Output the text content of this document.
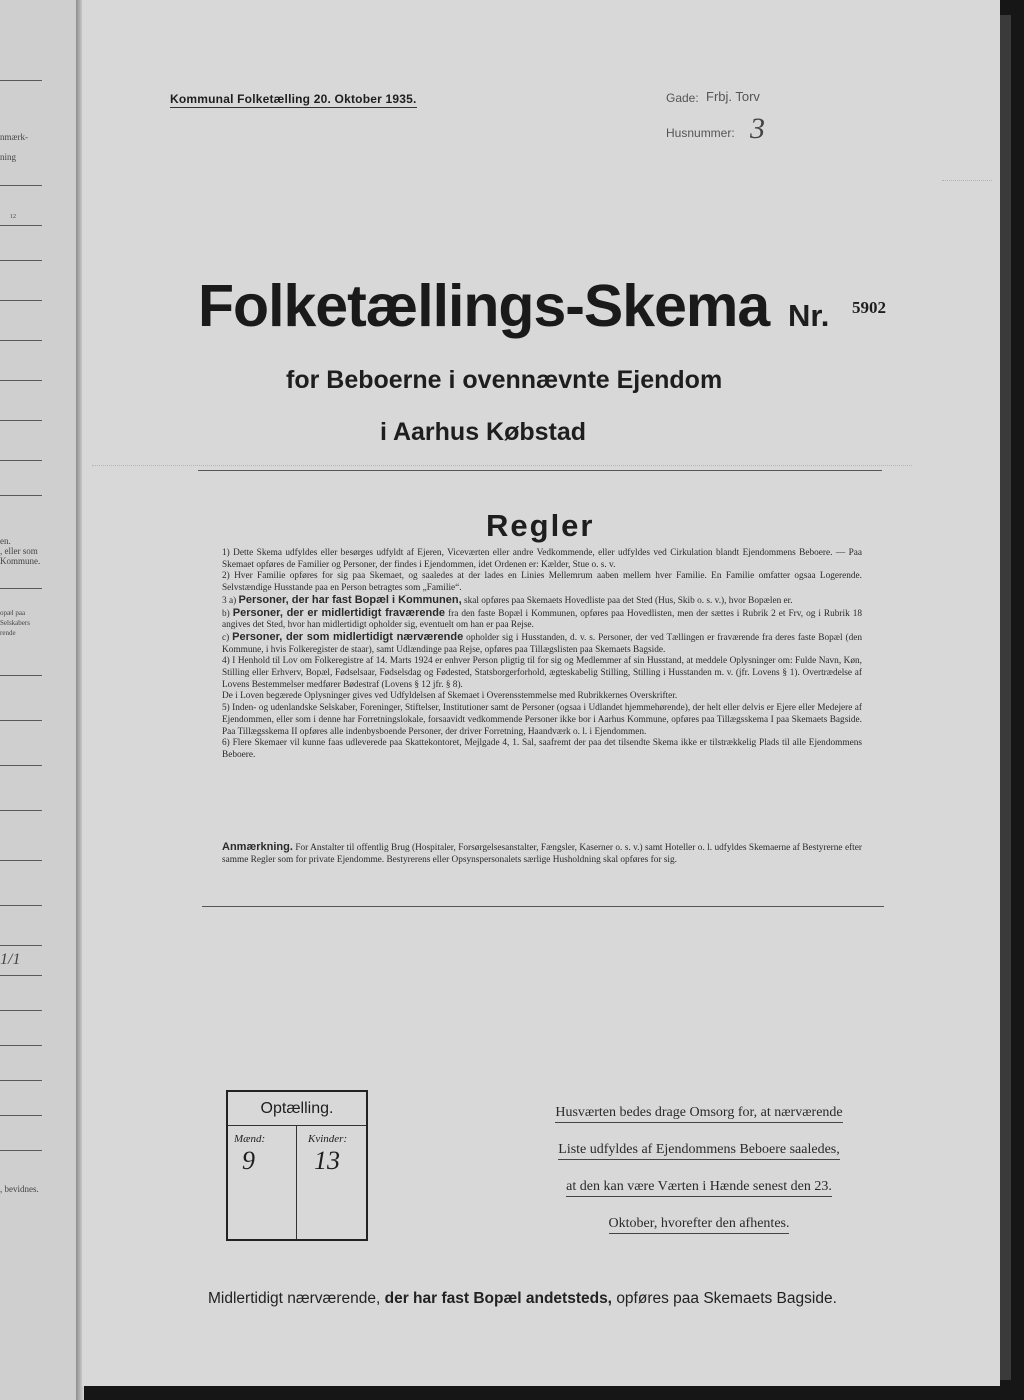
nmærk-
ning
12
en.
, eller som
Kommune.
opæl paa
Selskabers
rende
1/1
, bevidnes.
Kommunal Folketælling 20. Oktober 1935.	Gade: Frbj. Torv
Husnummer: 3
Folketællings-Skema Nr. 5902
for Beboerne i ovennævnte Ejendom
i Aarhus Købstad
Regler

1) Dette Skema udfyldes eller besørges udfyldt af Ejeren, Viceværten eller andre Vedkommende, eller udfyldes ved Cirkulation blandt Ejendommens Beboere. — Paa Skemaet opføres de Familier og Personer, der findes i Ejendommen, idet Ordenen er: Kælder, Stue o. s. v.

2) Hver Familie opføres for sig paa Skemaet, og saaledes at der lades en Linies Mellemrum aaben mellem hver Familie. En Familie omfatter ogsaa Logerende. Selvstændige Husstande paa en Person betragtes som „Familie“.

3 a) Personer, der har fast Bopæl i Kommunen, skal opføres paa Skemaets Hovedliste paa det Sted (Hus, Skib o. s. v.), hvor Bopælen er.

b) Personer, der er midlertidigt fraværende fra den faste Bopæl i Kommunen, opføres paa Hovedlisten, men der sættes i Rubrik 2 et Frv, og i Rubrik 18 angives det Sted, hvor han midlertidigt opholder sig, eventuelt om han er paa Rejse.

c) Personer, der som midlertidigt nærværende opholder sig i Husstanden, d. v. s. Personer, der ved Tællingen er fraværende fra deres faste Bopæl (den Kommune, i hvis Folkeregister de staar), samt Udlændinge paa Rejse, opføres paa Tillægslisten paa Skemaets Bagside.

4) I Henhold til Lov om Folkeregistre af 14. Marts 1924 er enhver Person pligtig til for sig og Medlemmer af sin Husstand, at meddele Oplysninger om: Fulde Navn, Køn, Stilling eller Erhverv, Bopæl, Fødselsaar, Fødselsdag og Fødested, Statsborgerforhold, ægteskabelig Stilling, Stilling i Husstanden m. v. (jfr. Lovens § 1). Overtrædelse af Lovens Bestemmelser medfører Bødestraf (Lovens § 12 jfr. § 8).

De i Loven begærede Oplysninger gives ved Udfyldelsen af Skemaet i Overensstemmelse med Rubrikkernes Overskrifter.

5) Inden- og udenlandske Selskaber, Foreninger, Stiftelser, Institutioner samt de Personer (ogsaa i Udlandet hjemmehørende), der helt eller delvis er Ejere eller Medejere af Ejendommen, eller som i denne har Forretningslokale, forsaavidt vedkommende Personer ikke bor i Aarhus Kommune, opføres paa Tillægsskema I paa Skemaets Bagside. Paa Tillægsskema II opføres alle indenbysboende Personer, der driver Forretning, Haandværk o. l. i Ejendommen.

6) Flere Skemaer vil kunne faas udleverede paa Skattekontoret, Mejlgade 4, 1. Sal, saafremt der paa det tilsendte Skema ikke er tilstrækkelig Plads til alle Ejendommens Beboere.

Anmærkning. For Anstalter til offentlig Brug (Hospitaler, Forsørgelsesanstalter, Fængsler, Kaserner o. s. v.) samt Hoteller o. l. udfyldes Skemaerne af Bestyrerne efter samme Regler som for private Ejendomme. Bestyrerens eller Opsynspersonalets særlige Husholdning skal opføres for sig.
Optælling.
Mænd:	Kvinder:
9 13
Husværten bedes drage Omsorg for, at nærværende
Liste udfyldes af Ejendommens Beboere saaledes,
at den kan være Værten i Hænde senest den 23.
Oktober, hvorefter den afhentes.
Midlertidigt nærværende, der har fast Bopæl andetsteds, opføres paa Skemaets Bagside.
